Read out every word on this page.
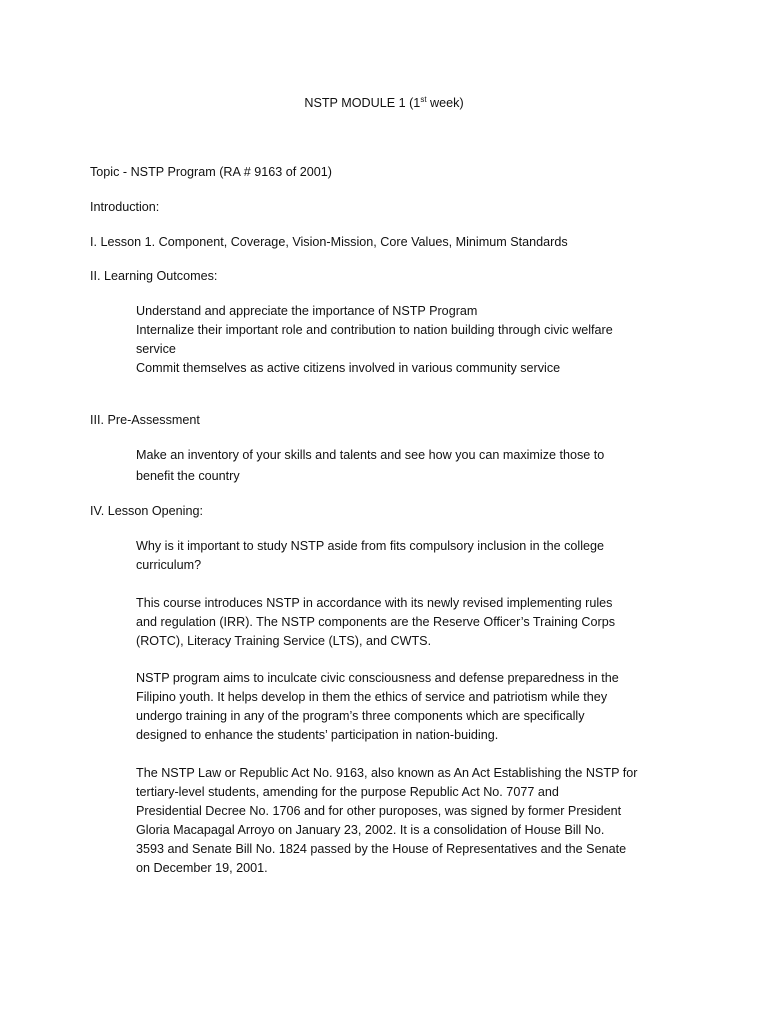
NSTP MODULE 1 (1st week)

Topic - NSTP Program (RA # 9163 of 2001)

Introduction:

I. Lesson 1. Component, Coverage, Vision-Mission, Core Values, Minimum Standards

II. Learning Outcomes:

Understand and appreciate the importance of NSTP Program

Internalize their important role and contribution to nation building through civic welfare

service

Commit themselves as active citizens involved in various community service

III. Pre-Assessment

Make an inventory of your skills and talents and see how you can maximize those to

benefit the country

IV. Lesson Opening:

Why is it important to study NSTP aside from fits compulsory inclusion in the college

curriculum?

This course introduces NSTP in accordance with its newly revised implementing rules

and regulation (IRR). The NSTP components are the Reserve Officer’s Training Corps

(ROTC), Literacy Training Service (LTS), and CWTS.

NSTP program aims to inculcate civic consciousness and defense preparedness in the

Filipino youth. It helps develop in them the ethics of service and patriotism while they

undergo training in any of the program’s three components which are specifically

designed to enhance the students’ participation in nation-buiding.

The NSTP Law or Republic Act No. 9163, also known as An Act Establishing the NSTP for

tertiary-level students, amending for the purpose Republic Act No. 7077 and

Presidential Decree No. 1706 and for other puroposes, was signed by former President

Gloria Macapagal Arroyo on January 23, 2002. It is a consolidation of House Bill No.

3593 and Senate Bill No. 1824 passed by the House of Representatives and the Senate

on December 19, 2001.
